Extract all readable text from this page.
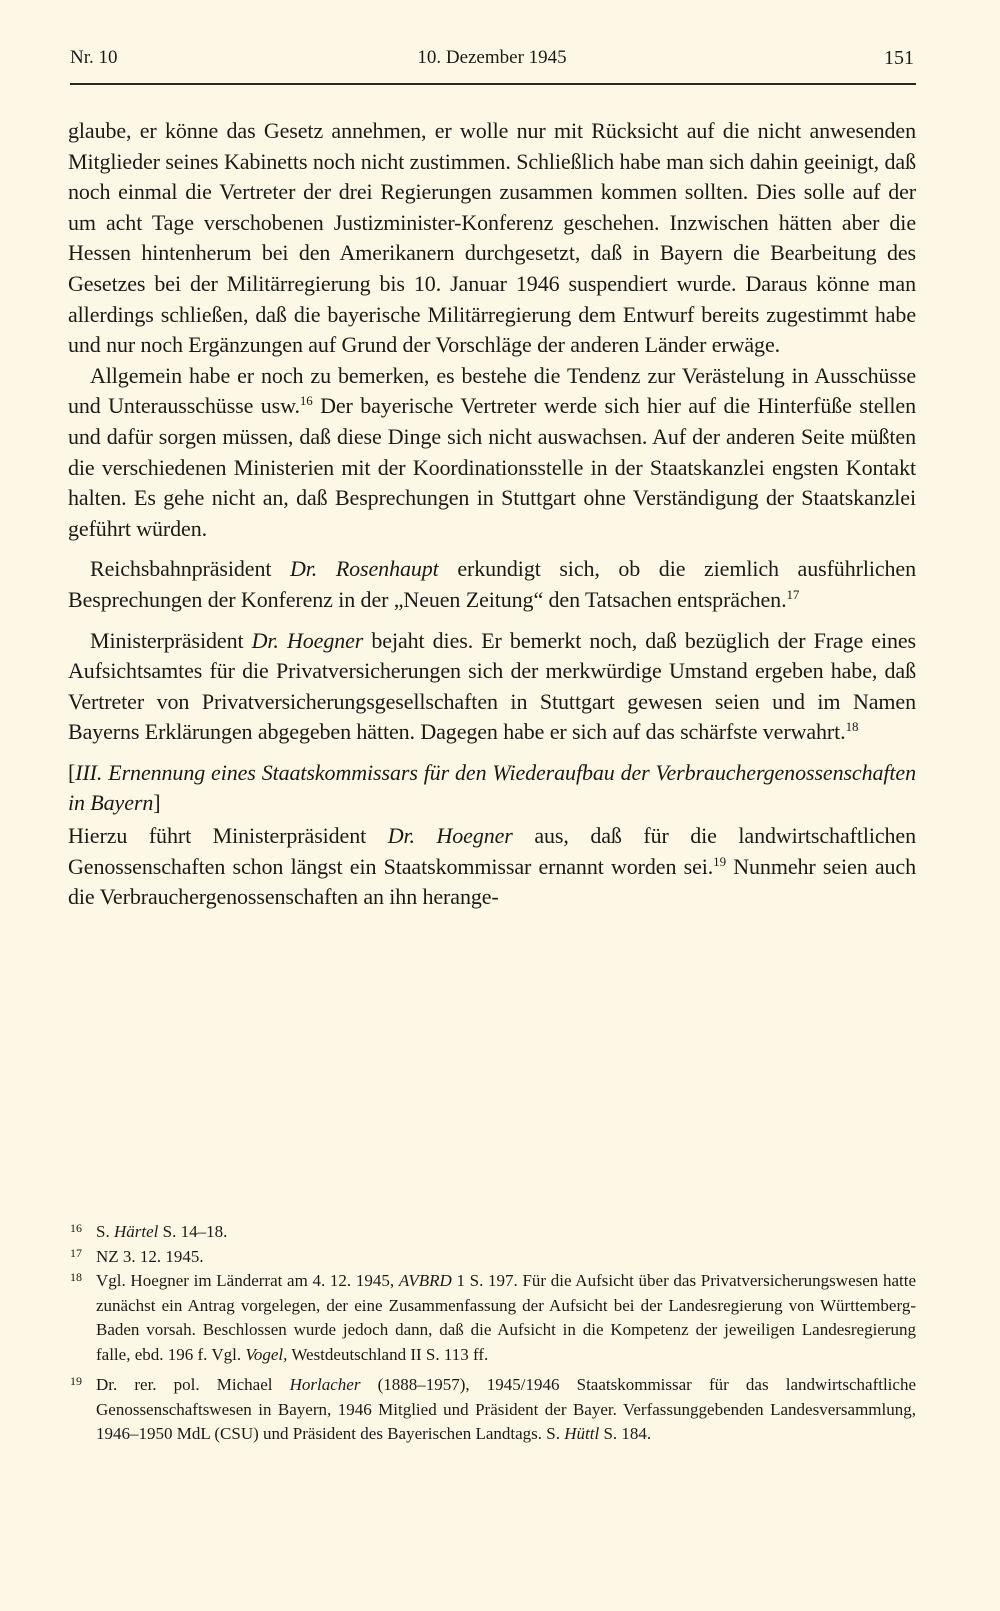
Nr. 10	10. Dezember 1945	151

glaube, er könne das Gesetz annehmen, er wolle nur mit Rücksicht auf die nicht anwesenden Mitglieder seines Kabinetts noch nicht zustimmen. Schließlich habe man sich dahin geeinigt, daß noch einmal die Vertreter der drei Regierungen zusammen kommen sollten. Dies solle auf der um acht Tage verschobenen Justizminister-Konferenz geschehen. Inzwischen hätten aber die Hessen hintenherum bei den Amerikanern durchgesetzt, daß in Bayern die Bearbeitung des Gesetzes bei der Militärregierung bis 10. Januar 1946 suspendiert wurde. Daraus könne man allerdings schließen, daß die bayerische Militärregierung dem Entwurf bereits zugestimmt habe und nur noch Ergänzungen auf Grund der Vorschläge der anderen Länder erwäge.

Allgemein habe er noch zu bemerken, es bestehe die Tendenz zur Verästelung in Ausschüsse und Unterausschüsse usw.$^{16}$ Der bayerische Vertreter werde sich hier auf die Hinterfüße stellen und dafür sorgen müssen, daß diese Dinge sich nicht auswachsen. Auf der anderen Seite müßten die verschiedenen Ministerien mit der Koordinationsstelle in der Staatskanzlei engsten Kontakt halten. Es gehe nicht an, daß Besprechungen in Stuttgart ohne Verständigung der Staatskanzlei geführt würden.

Reichsbahnpräsident Dr. Rosenhaupt erkundigt sich, ob die ziemlich ausführlichen Besprechungen der Konferenz in der „Neuen Zeitung“ den Tatsachen entsprächen.$^{17}$

Ministerpräsident Dr. Hoegner bejaht dies. Er bemerkt noch, daß bezüglich der Frage eines Aufsichtsamtes für die Privatversicherungen sich der merkwürdige Umstand ergeben habe, daß Vertreter von Privatversicherungsgesellschaften in Stuttgart gewesen seien und im Namen Bayerns Erklärungen abgegeben hätten. Dagegen habe er sich auf das schärfste verwahrt.$^{18}$

[III. Ernennung eines Staatskommissars für den Wiederaufbau der Verbrauchergenossenschaften in Bayern]

Hierzu führt Ministerpräsident Dr. Hoegner aus, daß für die landwirtschaftlichen Genossenschaften schon längst ein Staatskommissar ernannt worden sei.$^{19}$ Nunmehr seien auch die Verbrauchergenossenschaften an ihn herange-

16 S. Härtel S. 14–18.
17 NZ 3. 12. 1945.
18 Vgl. Hoegner im Länderrat am 4. 12. 1945, AVBRD 1 S. 197. Für die Aufsicht über das Privatversicherungswesen hatte zunächst ein Antrag vorgelegen, der eine Zusammenfassung der Aufsicht bei der Landesregierung von Württemberg-Baden vorsah. Beschlossen wurde jedoch dann, daß die Aufsicht in die Kompetenz der jeweiligen Landesregierung falle, ebd. 196 f. Vgl. Vogel, Westdeutschland II S. 113 ff.
19 Dr. rer. pol. Michael Horlacher (1888–1957), 1945/1946 Staatskommissar für das landwirtschaftliche Genossenschaftswesen in Bayern, 1946 Mitglied und Präsident der Bayer. Verfassunggebenden Landesversammlung, 1946–1950 MdL (CSU) und Präsident des Bayerischen Landtags. S. Hüttl S. 184.
